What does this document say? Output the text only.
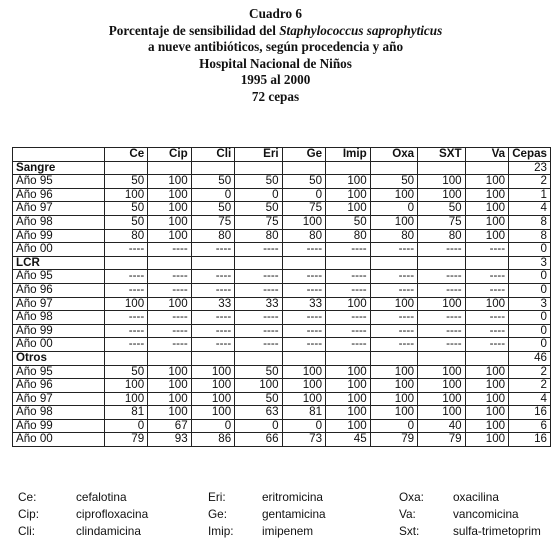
Cuadro 6
Porcentaje de sensibilidad del Staphylococcus saprophyticus
a nueve antibióticos, según procedencia y año
Hospital Nacional de Niños
1995 al 2000
72 cepas
	Ce	Cip	Cli	Eri	Ge	Imip	Oxa	SXT	Va	Cepas
Sangre										23
Año 95	50	100	50	50	50	100	50	100	100	2
Año 96	100	100	0	0	0	100	100	100	100	1
Año 97	50	100	50	50	75	100	0	50	100	4
Año 98	50	100	75	75	100	50	100	75	100	8
Año 99	80	100	80	80	80	80	80	80	100	8
Año 00	----	----	----	----	----	----	----	----	----	0
LCR										3
Año 95	----	----	----	----	----	----	----	----	----	0
Año 96	----	----	----	----	----	----	----	----	----	0
Año 97	100	100	33	33	33	100	100	100	100	3
Año 98	----	----	----	----	----	----	----	----	----	0
Año 99	----	----	----	----	----	----	----	----	----	0
Año 00	----	----	----	----	----	----	----	----	----	0
Otros										46
Año 95	50	100	100	50	100	100	100	100	100	2
Año 96	100	100	100	100	100	100	100	100	100	2
Año 97	100	100	100	50	100	100	100	100	100	4
Año 98	81	100	100	63	81	100	100	100	100	16
Año 99	0	67	0	0	0	100	0	40	100	6
Año 00	79	93	86	66	73	45	79	79	100	16
Ce:	cefalotina	Eri:	eritromicina	Oxa: oxacilina
Cip:	ciprofloxacina	Ge:	gentamicina	Va:	vancomicina
Cli:	clindamicina	Imip: imipenem	Sxt:	sulfa-trimetoprim
